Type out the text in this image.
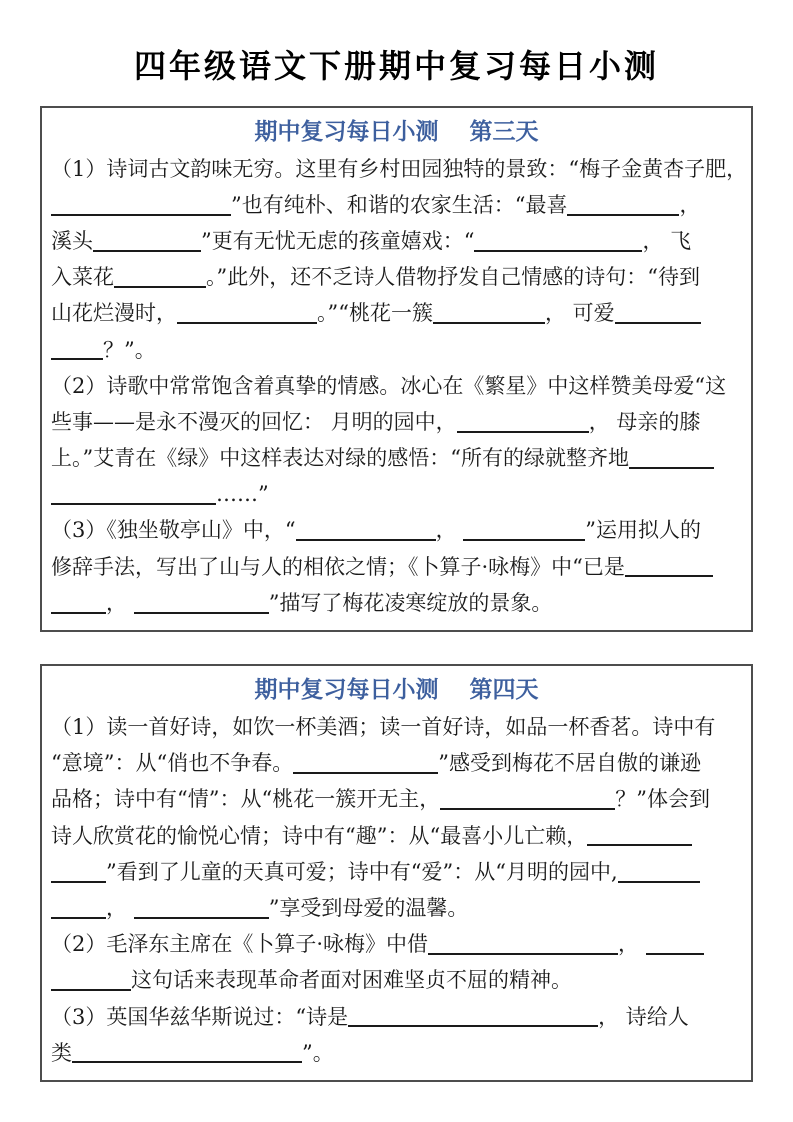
四年级语文下册期中复习每日小测
期中复习每日小测 第三天
（1）诗词古文韵味无穷。这里有乡村田园独特的景致：“梅子金黄杏子肥，
”也有纯朴、和谐的农家生活：“最喜	，
溪头	”更有无忧无虑的孩童嬉戏：“	， 飞
入菜花	。”此外，还不乏诗人借物抒发自己情感的诗句：“待到
山花烂漫时，	。”“桃花一簇	， 可爱
？”。
（2）诗歌中常常饱含着真挚的情感。冰心在《繁星》中这样赞美母爱“这
些事——是永不漫灭的回忆： 月明的园中，	， 母亲的膝
上。”艾青在《绿》中这样表达对绿的感悟：“所有的绿就整齐地
……”
（3）《独坐敬亭山》中，“	，	”运用拟人的
修辞手法，写出了山与人的相依之情；《卜算子·咏梅》中“已是
，	”描写了梅花凌寒绽放的景象。
期中复习每日小测 第四天
（1）读一首好诗，如饮一杯美酒；读一首好诗，如品一杯香茗。诗中有
“意境”：从“俏也不争春。	”感受到梅花不居自傲的谦逊
品格；诗中有“情”：从“桃花一簇开无主，	？”体会到
诗人欣赏花的愉悦心情；诗中有“趣”：从“最喜小儿亡赖，
”看到了儿童的天真可爱；诗中有“爱”：从“月明的园中,
，	”享受到母爱的温馨。
（2）毛泽东主席在《卜算子·咏梅》中借	，
这句话来表现革命者面对困难坚贞不屈的精神。
（3）英国华兹华斯说过：“诗是	， 诗给人
类	”。
